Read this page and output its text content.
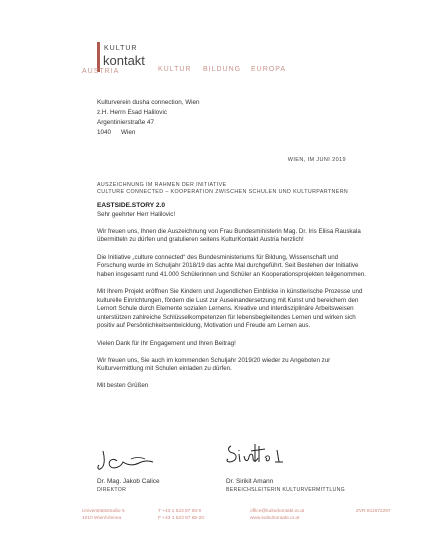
KULTUR
kontakt
AUSTRIA	KULTUR BILDUNG EUROPA
Kulturverein dusha connection, Wien
z.H. Herrn Esad Halilovic
Argentinierstraße 47
1040 Wien
WIEN, IM JUNI 2019
AUSZEICHNUNG IM RAHMEN DER INITIATIVE
CULTURE CONNECTED – KOOPERATION ZWISCHEN SCHULEN UND KULTURPARTNERN
EASTSIDE.STORY 2.0
Sehr geehrter Herr Halilovic!

Wir freuen uns, Ihnen die Auszeichnung von Frau Bundesministerin Mag. Dr. Iris Eliisa Rauskala übermitteln zu dürfen und gratulieren seitens KulturKontakt Austria herzlich!

Die Initiative „culture connected“ des Bundesministeriums für Bildung, Wissenschaft und Forschung wurde im Schuljahr 2018/19 das achte Mal durchgeführt. Seit Bestehen der Initiative haben insgesamt rund 41.000 Schülerinnen und Schüler an Kooperationsprojekten teilgenommen.

Mit Ihrem Projekt eröffnen Sie Kindern und Jugendlichen Einblicke in künstlerische Prozesse und kulturelle Einrichtungen, fördern die Lust zur Auseinandersetzung mit Kunst und bereichern den Lernort Schule durch Elemente sozialen Lernens. Kreative und interdisziplinäre Arbeitsweisen unterstützen zahlreiche Schlüsselkompetenzen für lebensbegleitendes Lernen und wirken sich positiv auf Persönlichkeitsentwicklung, Motivation und Freude am Lernen aus.

Vielen Dank für Ihr Engagement und Ihren Beitrag!

Wir freuen uns, Sie auch im kommenden Schuljahr 2019/20 wieder zu Angeboten zur Kulturvermittlung mit Schulen einladen zu dürfen.

Mit besten Grüßen

Dr. Mag. Jakob Calice
DIREKTOR
Dr. Sirikit Amann
BEREICHSLEITERIN KULTURVERMITTLUNG
Universitätsstraße 5
1010 Wien/Vienna
T +43 1 523 87 65-0
F +43 1 523 87 65-20
office@kulturkontakt.or.at
www.kulturkontakt.or.at
ZVR 811672297
